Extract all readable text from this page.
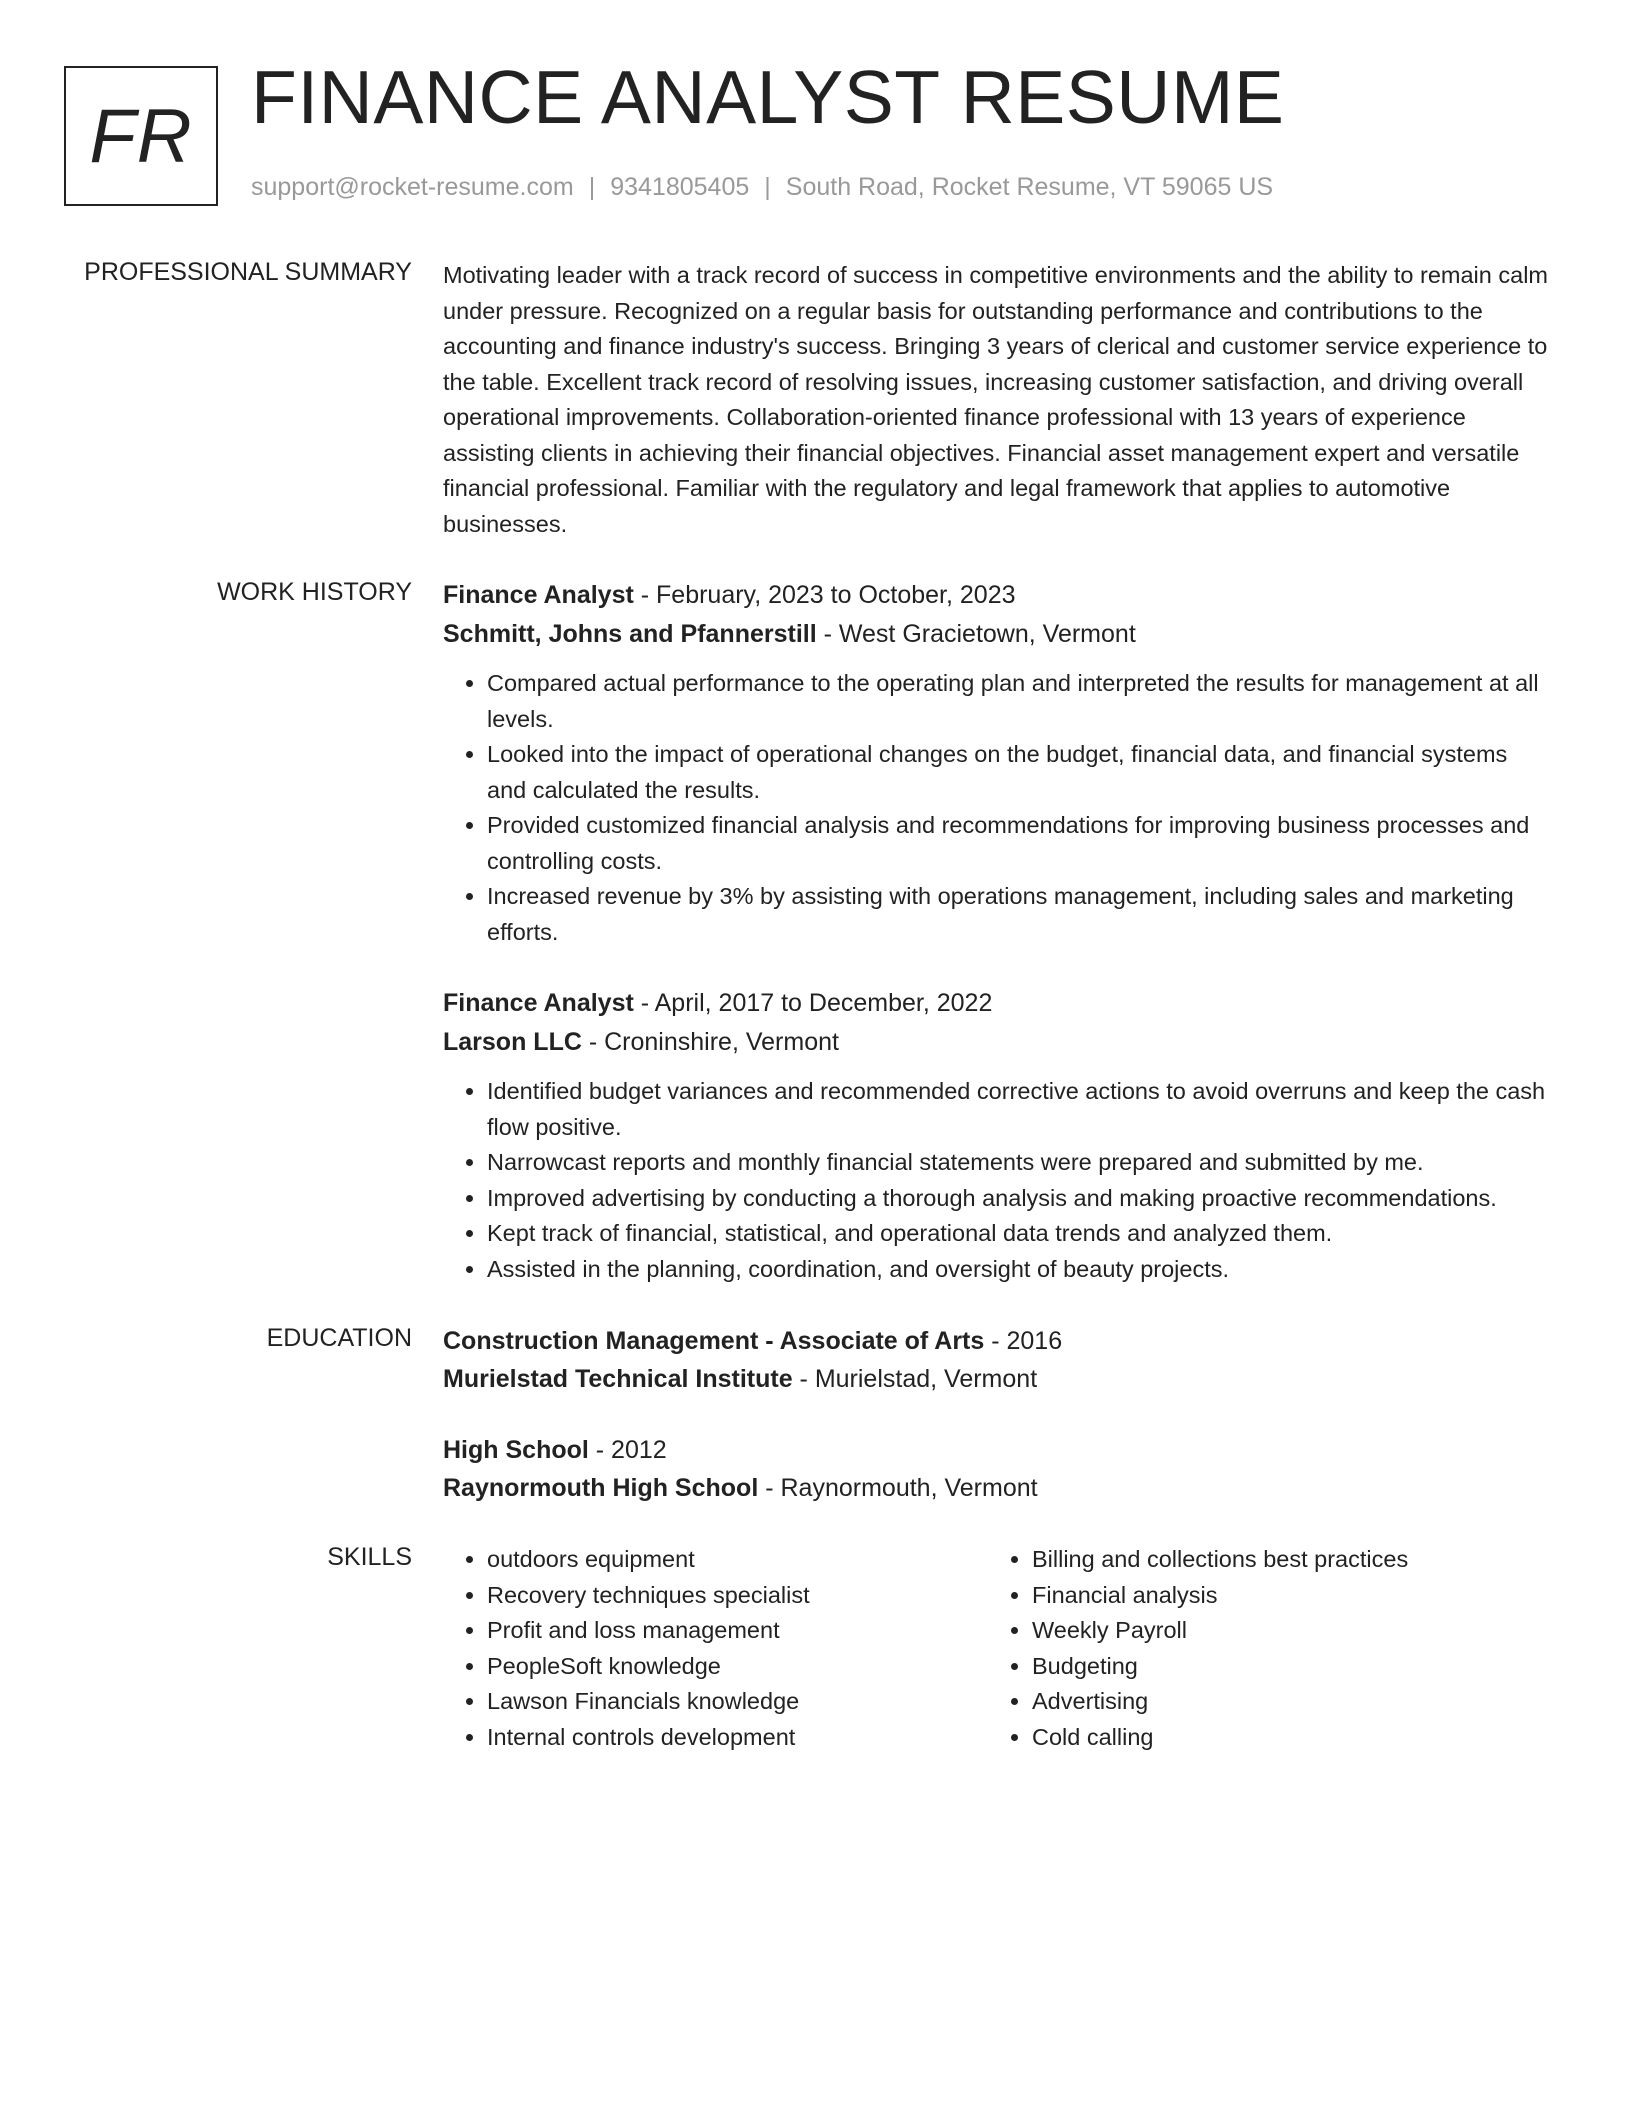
FR FINANCE ANALYST RESUME
support@rocket-resume.com | 9341805405 | South Road, Rocket Resume, VT 59065 US
PROFESSIONAL SUMMARY Motivating leader with a track record of success in competitive environments and the ability to remain calm under pressure. Recognized on a regular basis for outstanding performance and contributions to the accounting and finance industry's success. Bringing 3 years of clerical and customer service experience to the table. Excellent track record of resolving issues, increasing customer satisfaction, and driving overall operational improvements. Collaboration-oriented finance professional with 13 years of experience assisting clients in achieving their financial objectives. Financial asset management expert and versatile financial professional. Familiar with the regulatory and legal framework that applies to automotive businesses.

WORK HISTORY Finance Analyst - February, 2023 to October, 2023
Schmitt, Johns and Pfannerstill - West Gracietown, Vermont
• Compared actual performance to the operating plan and interpreted the results for management at all levels.
• Looked into the impact of operational changes on the budget, financial data, and financial systems and calculated the results.
• Provided customized financial analysis and recommendations for improving business processes and controlling costs.
• Increased revenue by 3% by assisting with operations management, including sales and marketing efforts.
Finance Analyst - April, 2017 to December, 2022
Larson LLC - Croninshire, Vermont
• Identified budget variances and recommended corrective actions to avoid overruns and keep the cash flow positive.
• Narrowcast reports and monthly financial statements were prepared and submitted by me.
• Improved advertising by conducting a thorough analysis and making proactive recommendations.
• Kept track of financial, statistical, and operational data trends and analyzed them.
• Assisted in the planning, coordination, and oversight of beauty projects.
EDUCATION Construction Management - Associate of Arts - 2016
Murielstad Technical Institute - Murielstad, Vermont
High School - 2012
Raynormouth High School - Raynormouth, Vermont
SKILLS
•	outdoors equipment
• Recovery techniques specialist
• Profit and loss management
• PeopleSoft knowledge
• Lawson Financials knowledge
• Internal controls development
• Billing and collections best practices
• Financial analysis
• Weekly Payroll
• Budgeting
• Advertising
• Cold calling
